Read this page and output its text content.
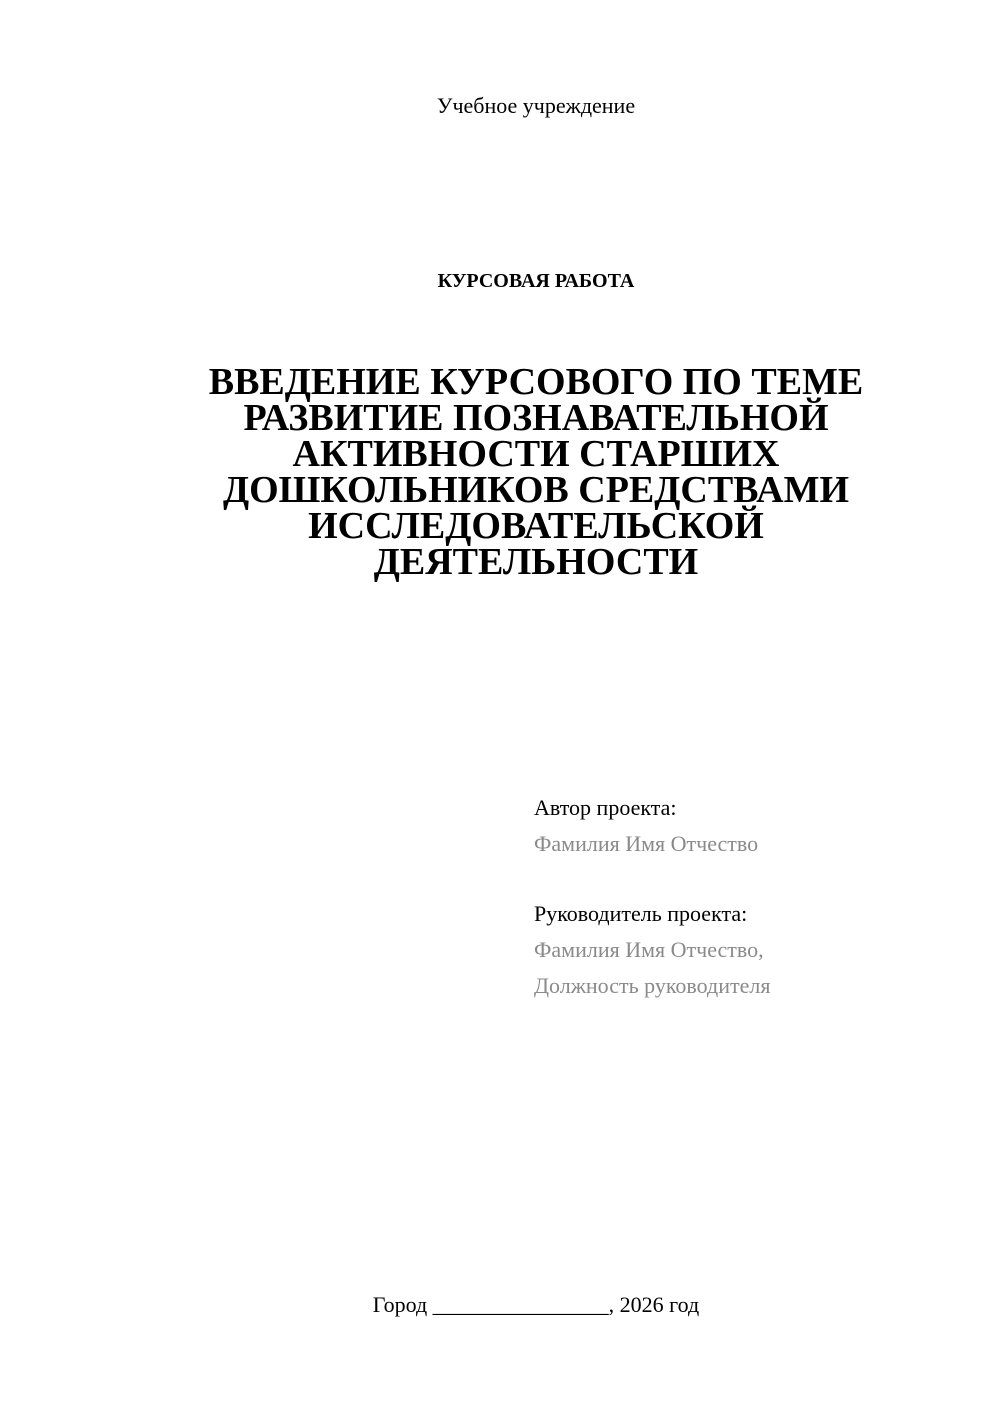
Учебное учреждение
КУРСОВАЯ РАБОТА
ВВЕДЕНИЕ КУРСОВОГО ПО ТЕМЕ
РАЗВИТИЕ ПОЗНАВАТЕЛЬНОЙ
АКТИВНОСТИ СТАРШИХ
ДОШКОЛЬНИКОВ СРЕДСТВАМИ
ИССЛЕДОВАТЕЛЬСКОЙ
ДЕЯТЕЛЬНОСТИ
Автор проекта:
Фамилия Имя Отчество
Руководитель проекта:
Фамилия Имя Отчество,
Должность руководителя
Город ________________, 2026 год
